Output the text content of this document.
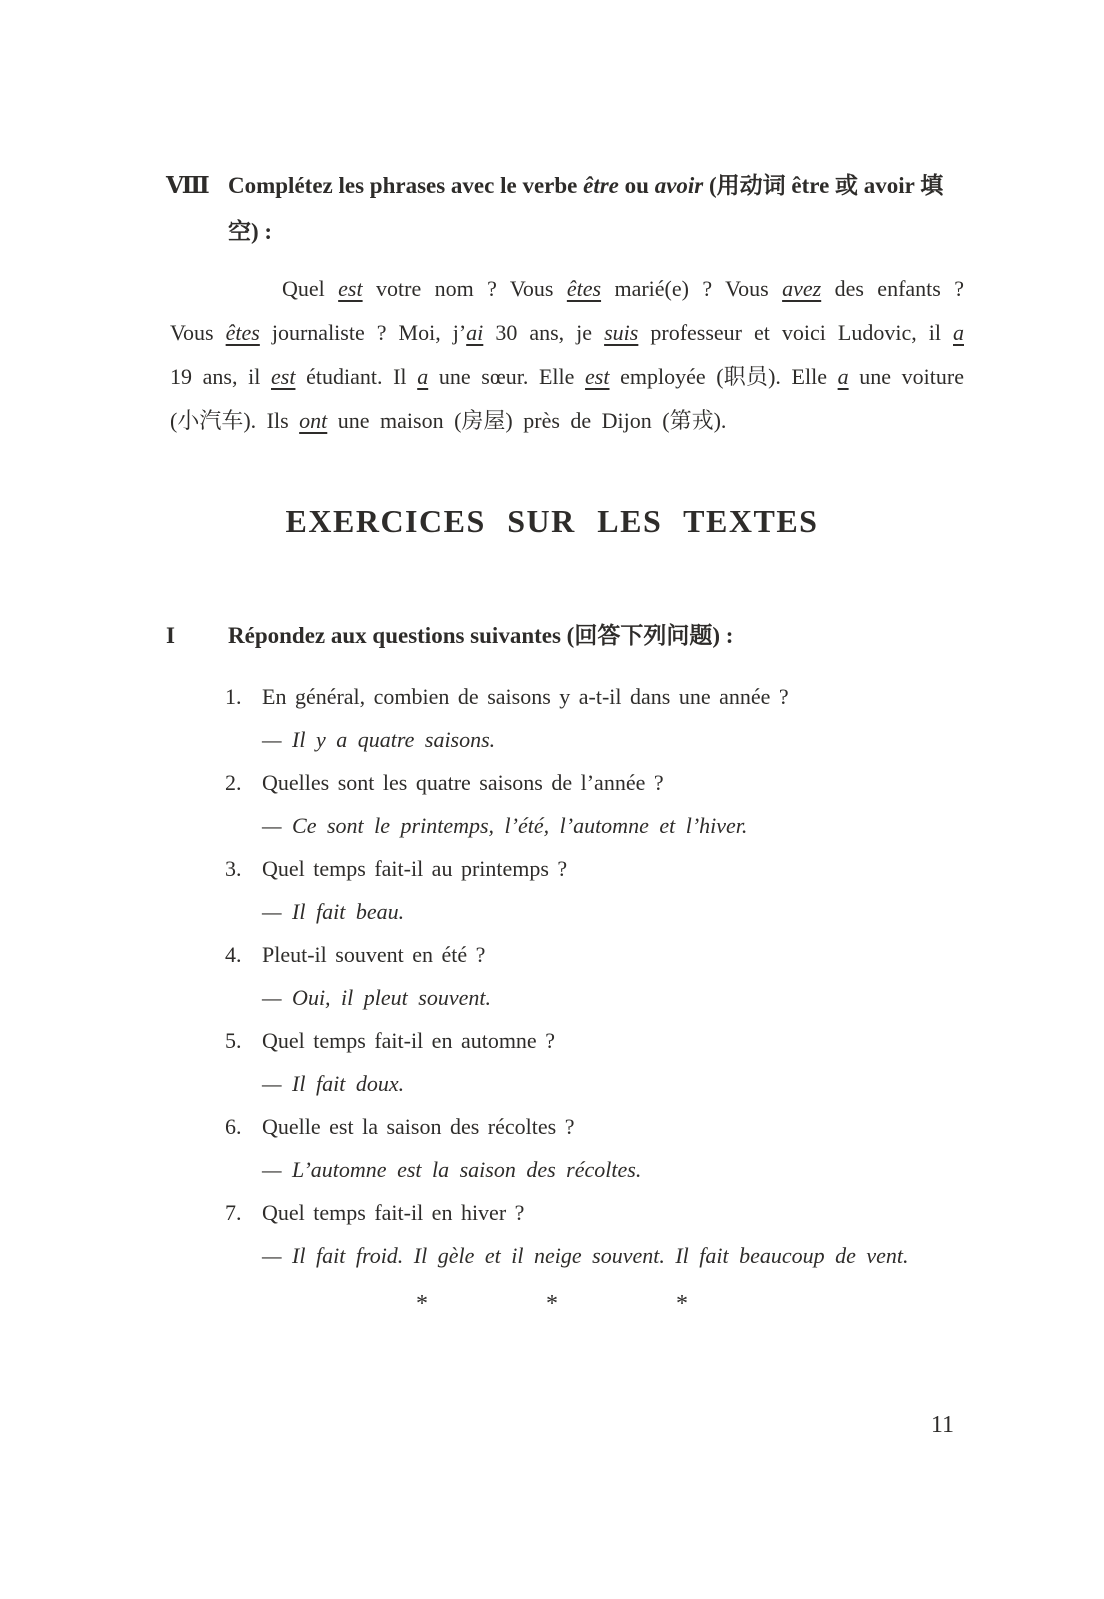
Ⅷ Complétez les phrases avec le verbe être ou avoir (用动词 être 或 avoir 填空) :

Quel est votre nom ? Vous êtes marié(e) ? Vous avez des enfants ? Vous êtes journaliste ? Moi, j’ai 30 ans, je suis professeur et voici Ludovic, il a 19 ans, il est étudiant. Il a une sœur. Elle est employée (职员). Elle a une voiture (小汽车). Ils ont une maison (房屋) près de Dijon (第戎).

EXERCICES SUR LES TEXTES
I	Répondez aux questions suivantes (回答下列问题) :
1. En général, combien de saisons y a-t-il dans une année ?
— Il y a quatre saisons.
2. Quelles sont les quatre saisons de l’année ?
— Ce sont le printemps, l’été, l’automne et l’hiver.
3. Quel temps fait-il au printemps ?
— Il fait beau.
4. Pleut-il souvent en été ?
— Oui, il pleut souvent.
5. Quel temps fait-il en automne ?
— Il fait doux.
6. Quelle est la saison des récoltes ?
— L’automne est la saison des récoltes.
7. Quel temps fait-il en hiver ?
— Il fait froid. Il gèle et il neige souvent. Il fait beaucoup de vent.
*	*	*
11
